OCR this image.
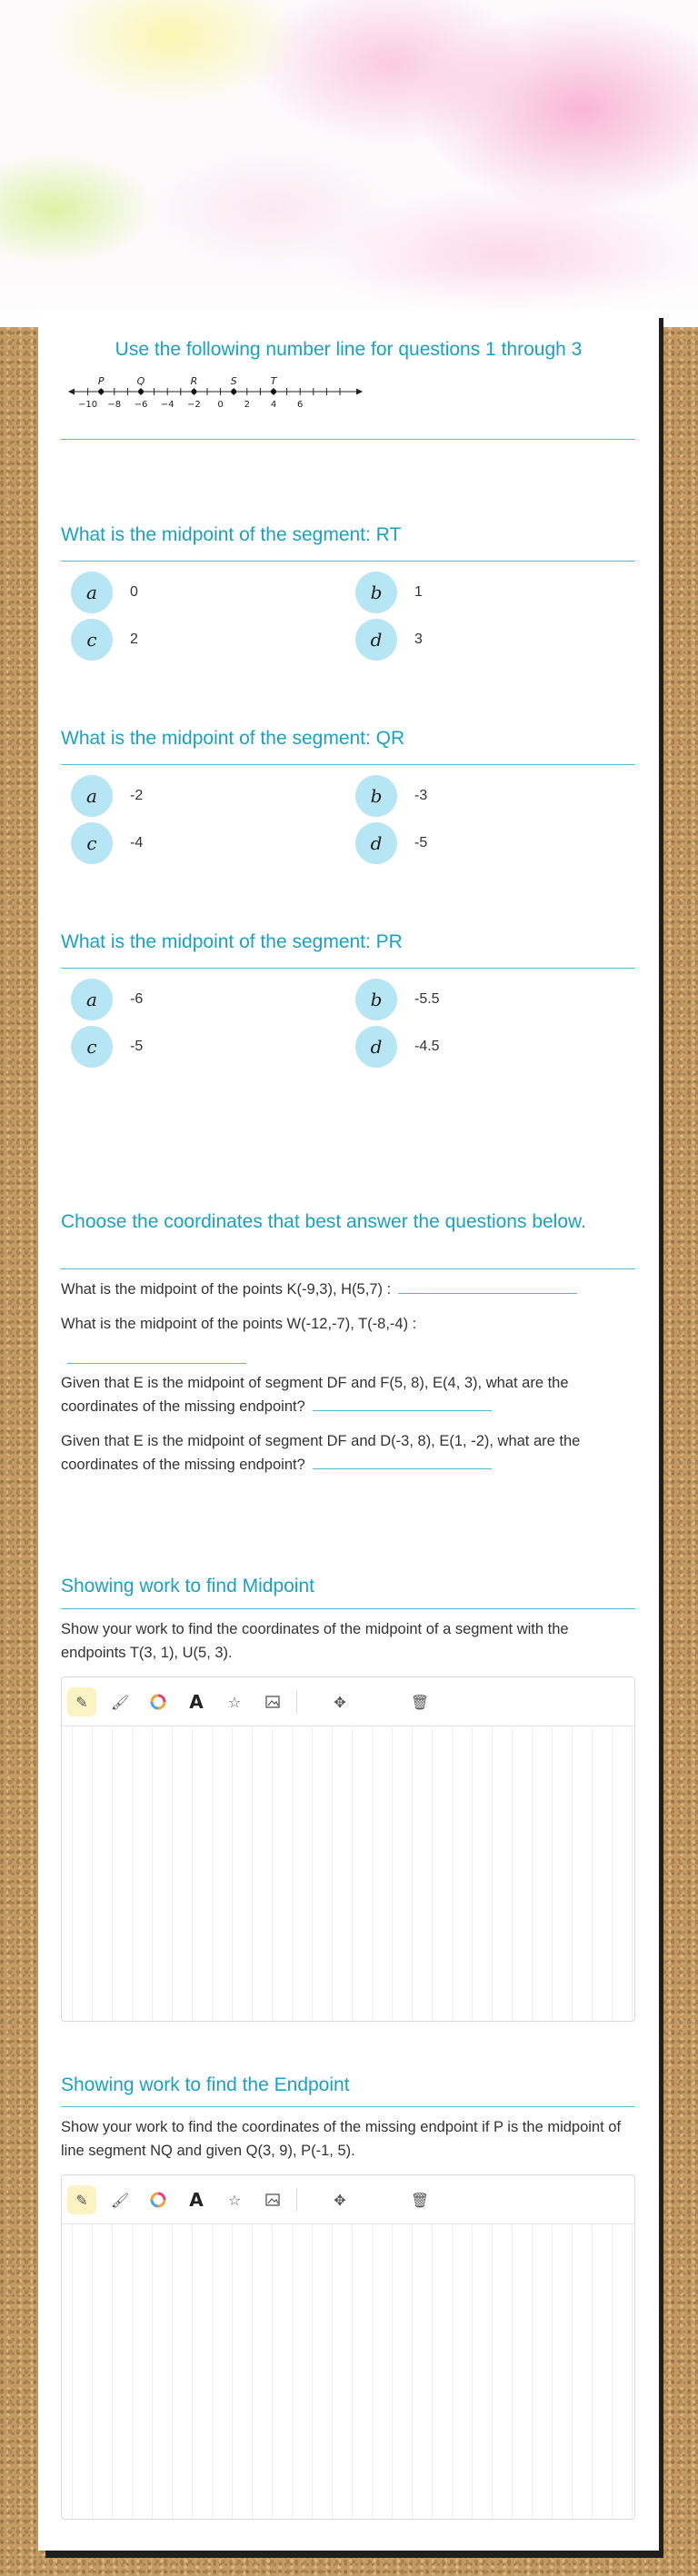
Use the following number line for questions 1 through 3
−10 −8 −6 −4 −2 0 2 4 6
P	Q	R	S	T
What is the midpoint of the segment: RT
a	0	b	1
c	2	d	3
What is the midpoint of the segment: QR
a	-2	b	-3
c	-4	d	-5
What is the midpoint of the segment: PR
a	-6	b	-5.5
c	-5	d	-4.5
Choose the coordinates that best answer the questions below.
What is the midpoint of the points K(-9,3), H(5,7) :
What is the midpoint of the points W(-12,-7), T(-8,-4) :
Given that E is the midpoint of segment DF and F(5, 8), E(4, 3), what are the coordinates of the missing endpoint?
Given that E is the midpoint of segment DF and D(-3, 8), E(1, -2), what are the coordinates of the missing endpoint?
Showing work to find Midpoint
Show your work to find the coordinates of the midpoint of a segment with the endpoints T(3, 1), U(5, 3).
✎	🖌	A	☆	✥	🗑
Showing work to find the Endpoint
Show your work to find the coordinates of the missing endpoint if P is the midpoint of line segment NQ and given Q(3, 9), P(-1, 5).
✎	🖌	A	☆	✥	🗑
